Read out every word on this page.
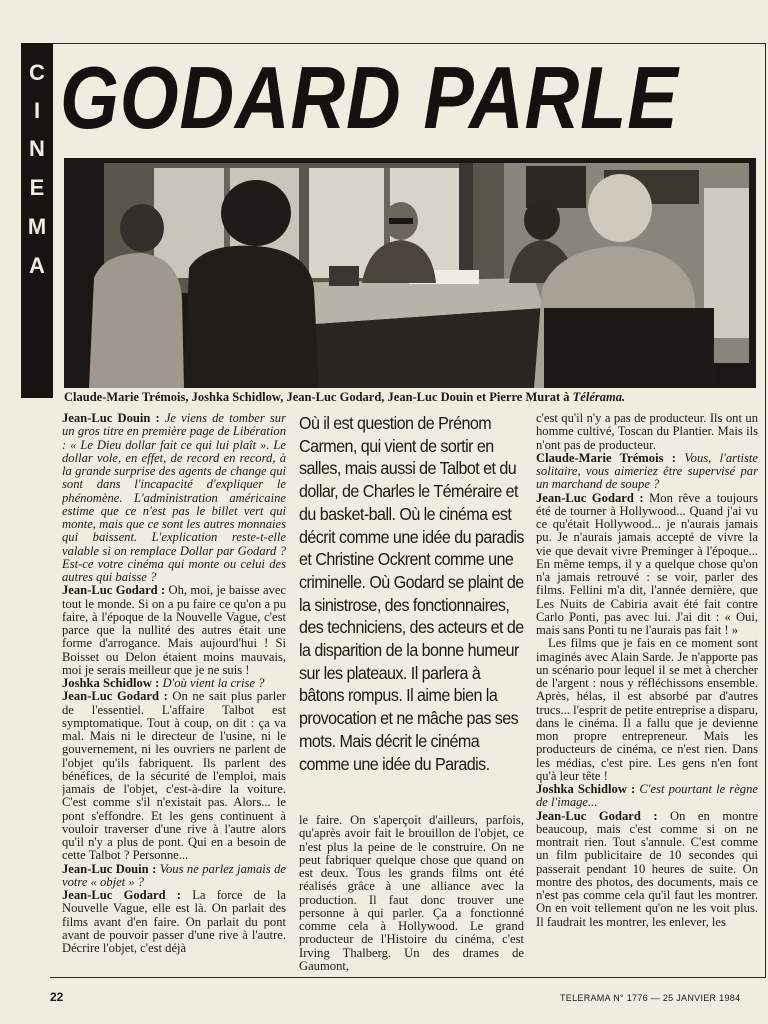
C
I
N
E
M
A
GODARD PARLE
Claude-Marie Trémois, Joshka Schidlow, Jean-Luc Godard, Jean-Luc Douin et Pierre Murat à Télérama.

Jean-Luc Douin : Je viens de tomber sur un gros titre en première page de Libération : « Le Dieu dollar fait ce qui lui plaît ». Le dollar vole, en effet, de record en record, à la grande surprise des agents de change qui sont dans l'incapacité d'expliquer le phénomène. L'administration américaine estime que ce n'est pas le billet vert qui monte, mais que ce sont les autres monnaies qui baissent. L'explication reste-t-elle valable si on remplace Dollar par Godard ? Est-ce votre cinéma qui monte ou celui des autres qui baisse ?

Jean-Luc Godard : Oh, moi, je baisse avec tout le monde. Si on a pu faire ce qu'on a pu faire, à l'époque de la Nouvelle Vague, c'est parce que la nullité des autres était une forme d'arrogance. Mais aujourd'hui ! Si Boisset ou Delon étaient moins mauvais, moi je serais meilleur que je ne suis !

Joshka Schidlow : D'où vient la crise ?

Jean-Luc Godard : On ne sait plus parler de l'essentiel. L'affaire Talbot est symptomatique. Tout à coup, on dit : ça va mal. Mais ni le directeur de l'usine, ni le gouvernement, ni les ouvriers ne parlent de l'objet qu'ils fabriquent. Ils parlent des bénéfices, de la sécurité de l'emploi, mais jamais de l'objet, c'est-à-dire la voiture. C'est comme s'il n'existait pas. Alors... le pont s'effondre. Et les gens continuent à vouloir traverser d'une rive à l'autre alors qu'il n'y a plus de pont. Qui en a besoin de cette Talbot ? Personne...

Jean-Luc Douin : Vous ne parlez jamais de votre « objet » ?

Jean-Luc Godard : La force de la Nouvelle Vague, elle est là. On parlait des films avant d'en faire. On parlait du pont avant de pouvoir passer d'une rive à l'autre. Décrire l'objet, c'est déjà

Où il est question de Prénom Carmen, qui vient de sortir en salles, mais aussi de Talbot et du dollar, de Charles le Téméraire et du basket-ball. Où le cinéma est décrit comme une idée du paradis et Christine Ockrent comme une criminelle. Où Godard se plaint de la sinistrose, des fonctionnaires, des techniciens, des acteurs et de la disparition de la bonne humeur sur les plateaux. Il parlera à bâtons rompus. Il aime bien la provocation et ne mâche pas ses mots. Mais décrit le cinéma comme une idée du Paradis.

le faire. On s'aperçoit d'ailleurs, parfois, qu'après avoir fait le brouillon de l'objet, ce n'est plus la peine de le construire. On ne peut fabriquer quelque chose que quand on est deux. Tous les grands films ont été réalisés grâce à une alliance avec la production. Il faut donc trouver une personne à qui parler. Ça a fonctionné comme cela à Hollywood. Le grand producteur de l'Histoire du cinéma, c'est Irving Thalberg. Un des drames de Gaumont,

c'est qu'il n'y a pas de producteur. Ils ont un homme cultivé, Toscan du Plantier. Mais ils n'ont pas de producteur.

Claude-Marie Trémois : Vous, l'artiste solitaire, vous aimeriez être supervisé par un marchand de soupe ?

Jean-Luc Godard : Mon rêve a toujours été de tourner à Hollywood... Quand j'ai vu ce qu'était Hollywood... je n'aurais jamais pu. Je n'aurais jamais accepté de vivre la vie que devait vivre Preminger à l'époque... En même temps, il y a quelque chose qu'on n'a jamais retrouvé : se voir, parler des films. Fellini m'a dit, l'année dernière, que Les Nuits de Cabiria avait été fait contre Carlo Ponti, pas avec lui. J'ai dit : « Oui, mais sans Ponti tu ne l'aurais pas fait ! »

Les films que je fais en ce moment sont imaginés avec Alain Sarde. Je n'apporte pas un scénario pour lequel il se met à chercher de l'argent : nous y réfléchissons ensemble. Après, hélas, il est absorbé par d'autres trucs... l'esprit de petite entreprise a disparu, dans le cinéma. Il a fallu que je devienne mon propre entrepreneur. Mais les producteurs de cinéma, ce n'est rien. Dans les médias, c'est pire. Les gens n'en font qu'à leur tête !

Joshka Schidlow : C'est pourtant le règne de l'image...

Jean-Luc Godard : On en montre beaucoup, mais c'est comme si on ne montrait rien. Tout s'annule. C'est comme un film publicitaire de 10 secondes qui passerait pendant 10 heures de suite. On montre des photos, des documents, mais ce n'est pas comme cela qu'il faut les montrer. On en voit tellement qu'on ne les voit plus. Il faudrait les montrer, les enlever, les

22	TELERAMA N° 1776 — 25 JANVIER 1984
